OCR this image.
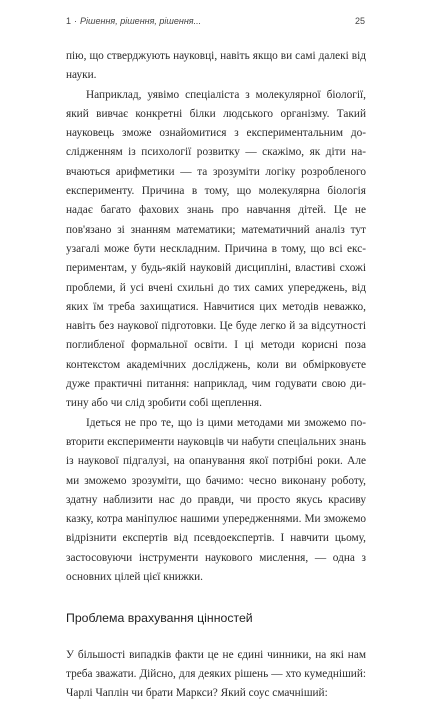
1 · Рішення, рішення, рішення...	25

пію, що стверджують науковці, навіть якщо ви самі далекі від науки.

Наприклад, уявімо спеціаліста з молекулярної біології, який вивчає конкретні білки людського організму. Такий науковець зможе ознайомитися з експериментальним дослідженням із психології розвитку — скажімо, як діти навчаються арифметики — та зрозуміти логіку розробленого експерименту. Причина в тому, що молекулярна біологія надає багато фахових знань про навчання дітей. Це не пов'язано зі знанням математики; математичний аналіз тут узагалі може бути нескладним. Причина в тому, що всі експериментам, у будь-якій науковій дисципліні, властиві схожі проблеми, й усі вчені схильні до тих самих упереджень, від яких їм треба захищатися. Навчитися цих методів неважко, навіть без наукової підготовки. Це буде легко й за відсутності поглибленої формальної освіти. І ці методи корисні поза контекстом академічних досліджень, коли ви обмірковуєте дуже практичні питання: наприклад, чим годувати свою дитину або чи слід зробити собі щеплення.

Ідеться не про те, що із цими методами ми зможемо повторити експерименти науковців чи набути спеціальних знань із наукової підгалузі, на опанування якої потрібні роки. Але ми зможемо зрозуміти, що бачимо: чесно виконану роботу, здатну наблизити нас до правди, чи просто якусь красиву казку, котра маніпулює нашими упередженнями. Ми зможемо відрізнити експертів від псевдоекспертів. І навчити цьому, застосовуючи інструменти наукового мислення, — одна з основних цілей цієї книжки.

Проблема врахування цінностей

У більшості випадків факти це не єдині чинники, на які нам треба зважати. Дійсно, для деяких рішень — хто кумедніший: Чарлі Чаплін чи брати Маркси? Який соус смачніший:
